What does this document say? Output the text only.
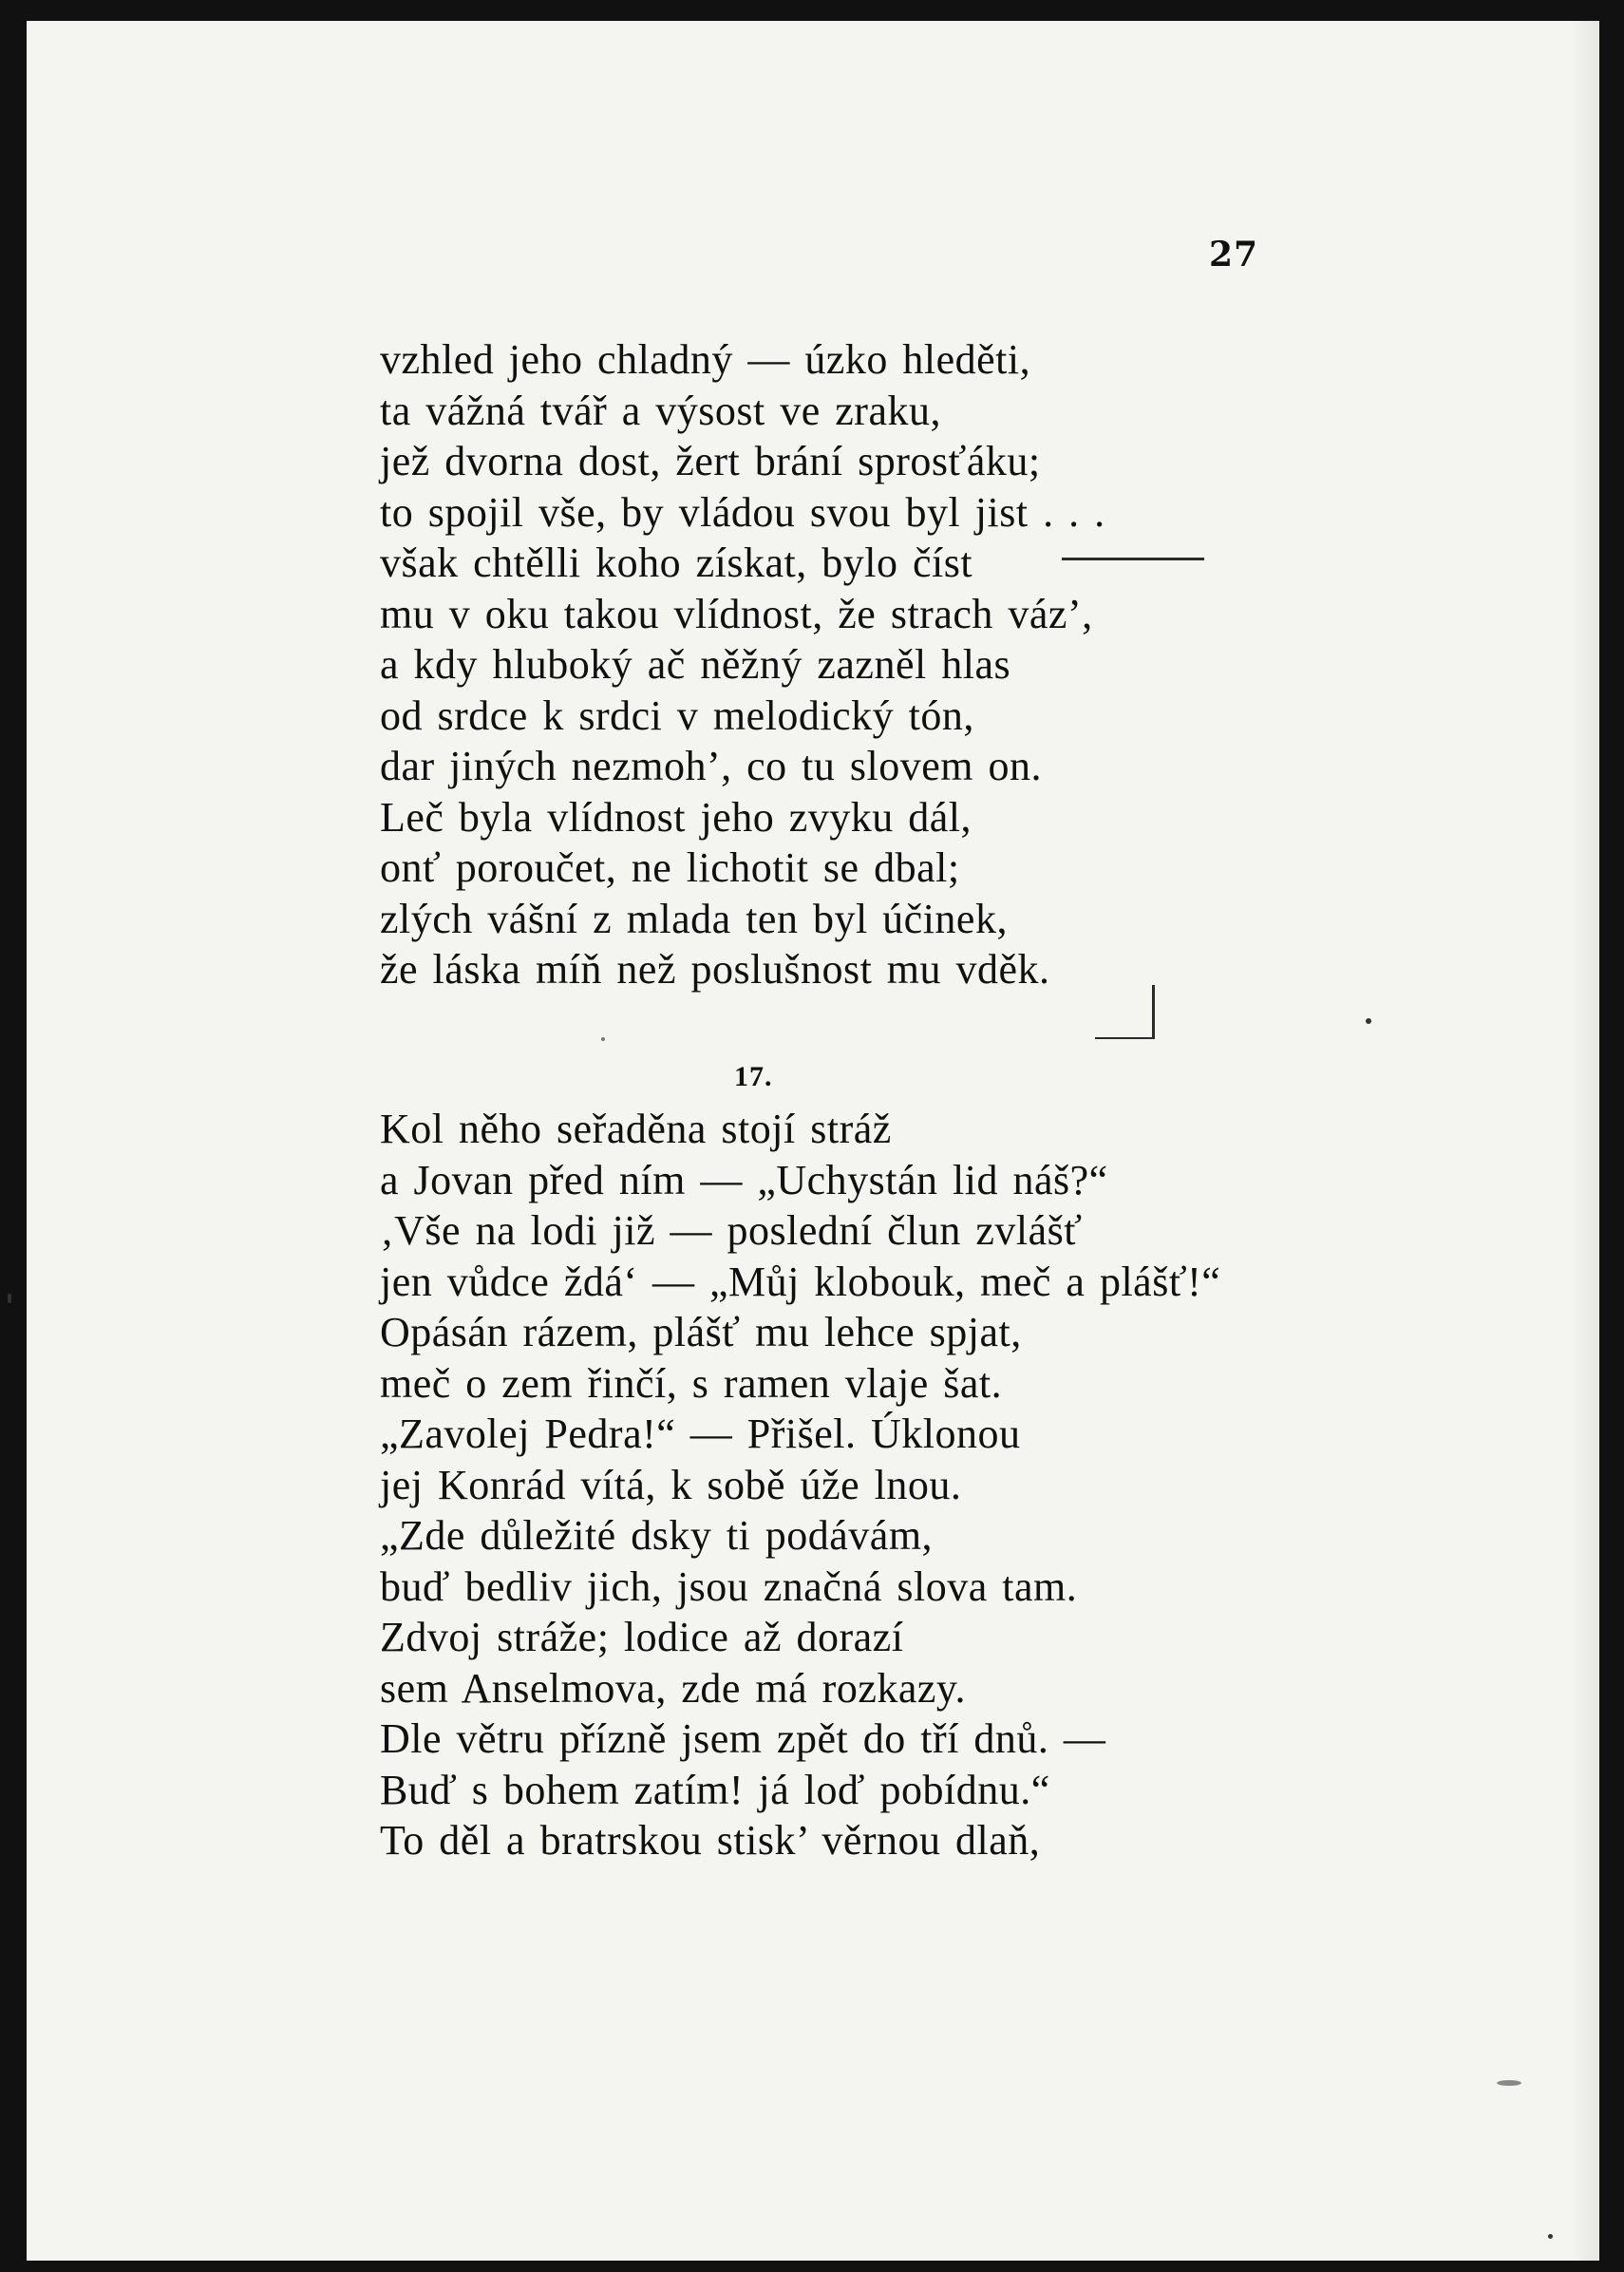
27
vzhled jeho chladný — úzko hleděti,
ta vážná tvář a výsost ve zraku,
jež dvorna dost, žert brání sprosťáku;
to spojil vše, by vládou svou byl jist . . .
však chtělli koho získat, bylo číst
mu v oku takou vlídnost, že strach váz’,
a kdy hluboký ač něžný zazněl hlas
od srdce k srdci v melodický tón,
dar jiných nezmoh’, co tu slovem on.
Leč byla vlídnost jeho zvyku dál,
onť poroučet, ne lichotit se dbal;
zlých vášní z mlada ten byl účinek,
že láska míň než poslušnost mu vděk.
17.
Kol něho seřaděna stojí stráž
a Jovan před ním — „Uchystán lid náš?“
‚Vše na lodi již — poslední člun zvlášť
jen vůdce ždá‘ — „Můj klobouk, meč a plášť!“
Opásán rázem, plášť mu lehce spjat,
meč o zem řinčí, s ramen vlaje šat.
„Zavolej Pedra!“ — Přišel. Úklonou
jej Konrád vítá, k sobě úže lnou.
„Zde důležité dsky ti podávám,
buď bedliv jich, jsou značná slova tam.
Zdvoj stráže; lodice až dorazí
sem Anselmova, zde má rozkazy.
Dle větru přízně jsem zpět do tří dnů. —
Buď s bohem zatím! já loď pobídnu.“
To děl a bratrskou stisk’ věrnou dlaň,
